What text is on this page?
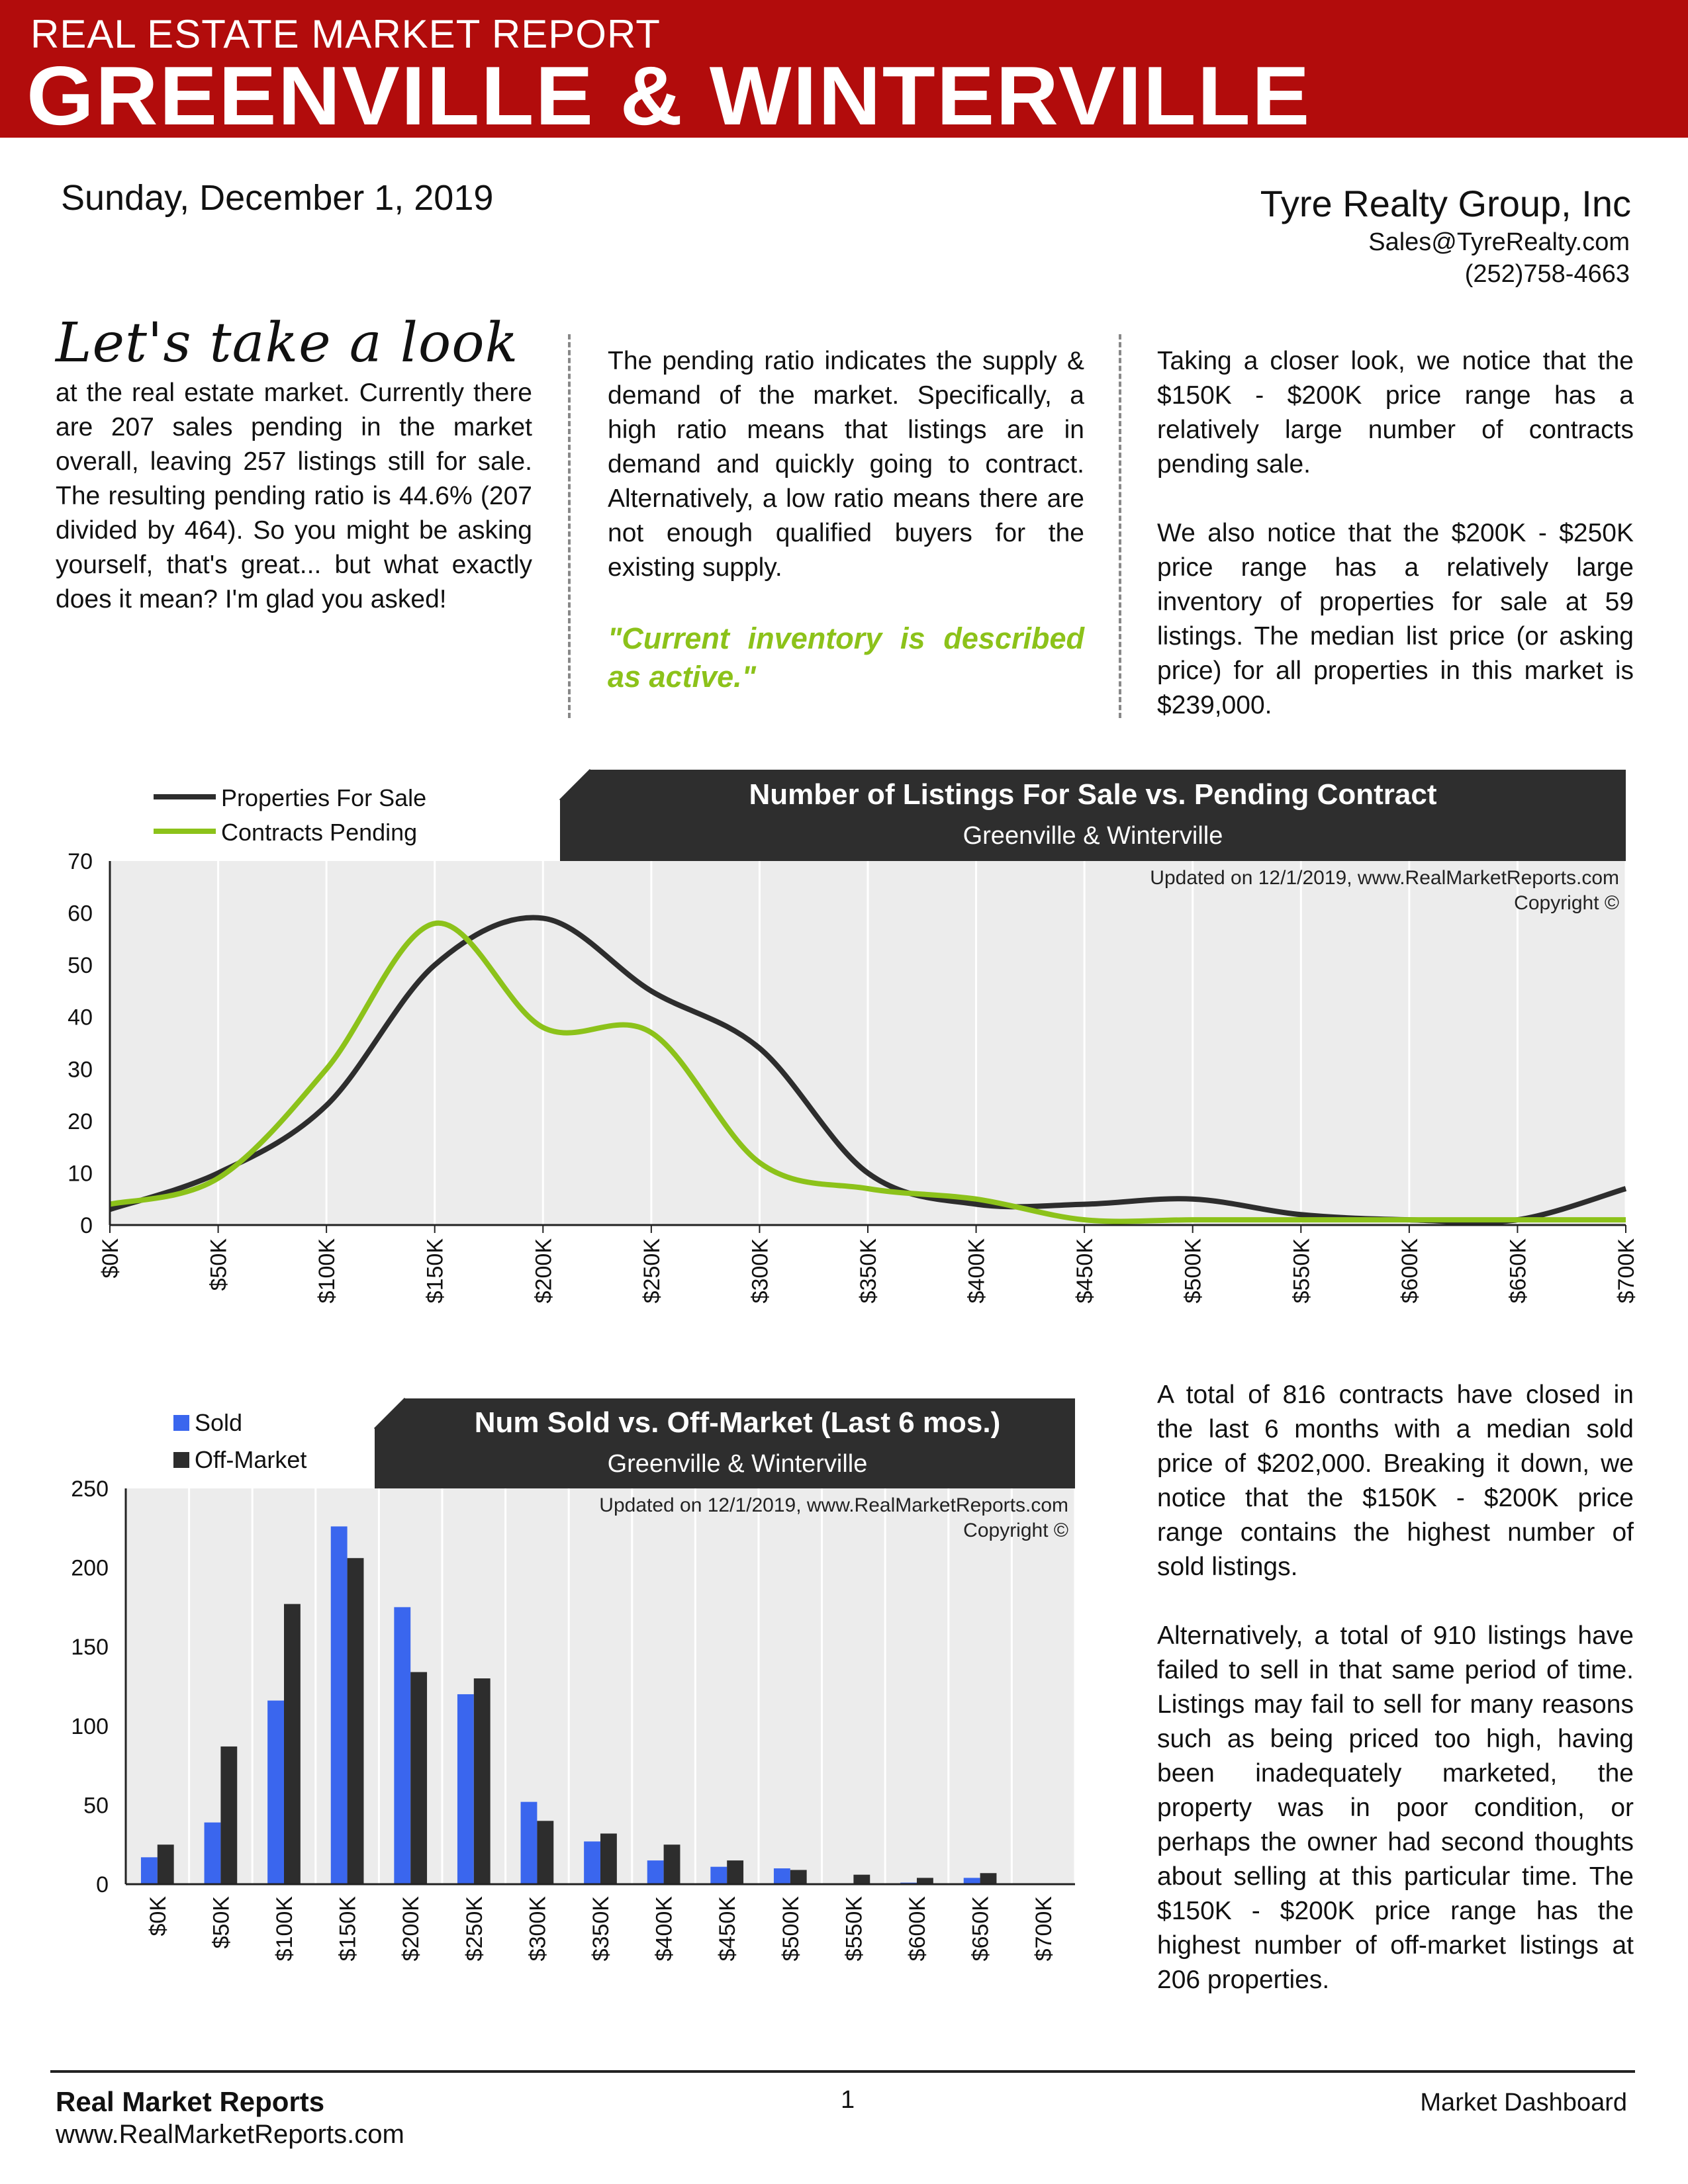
REAL ESTATE MARKET REPORT
GREENVILLE & WINTERVILLE
Sunday, December 1, 2019	Tyre Realty Group, Inc
Sales@TyreRealty.com
(252)758-4663
Let's take a look

at the real estate market. Currently there are 207 sales pending in the market overall, leaving 257 listings still for sale. The resulting pending ratio is 44.6% (207 divided by 464). So you might be asking yourself, that's great... but what exactly does it mean? I'm glad you asked!

The pending ratio indicates the supply & demand of the market. Specifically, a high ratio means that listings are in demand and quickly going to contract. Alternatively, a low ratio means there are not enough qualified buyers for the existing supply.

"Current inventory is described as active."

Taking a closer look, we notice that the $150K - $200K price range has a relatively large number of contracts pending sale.

We also notice that the $200K - $250K price range has a relatively large inventory of properties for sale at 59 listings. The median list price (or asking price) for all properties in this market is $239,000.

Properties For Sale
Contracts Pending
Number of Listings For Sale vs. Pending Contract
Greenville & Winterville
0
10
20
30
40
50
60
70
$0K	$50K	$100K	$150K	$200K	$250K	$300K	$350K	$400K	$450K	$500K	$550K	$600K	$650K	$700K
Updated on 12/1/2019, www.RealMarketReports.com
Copyright ©
Sold
Off-Market
Num Sold vs. Off-Market (Last 6 mos.)
Greenville & Winterville
0
50
100
150
200
250
$0K $50K $100K $150K $200K $250K $300K $350K $400K $450K $500K $550K $600K $650K $700K
Updated on 12/1/2019, www.RealMarketReports.com
Copyright ©

A total of 816 contracts have closed in the last 6 months with a median sold price of $202,000. Breaking it down, we notice that the $150K - $200K price range contains the highest number of sold listings.

Alternatively, a total of 910 listings have failed to sell in that same period of time. Listings may fail to sell for many reasons such as being priced too high, having been inadequately marketed, the property was in poor condition, or perhaps the owner had second thoughts about selling at this particular time. The $150K - $200K price range has the highest number of off-market listings at 206 properties.

Real Market Reports
www.RealMarketReports.com
1	Market Dashboard
